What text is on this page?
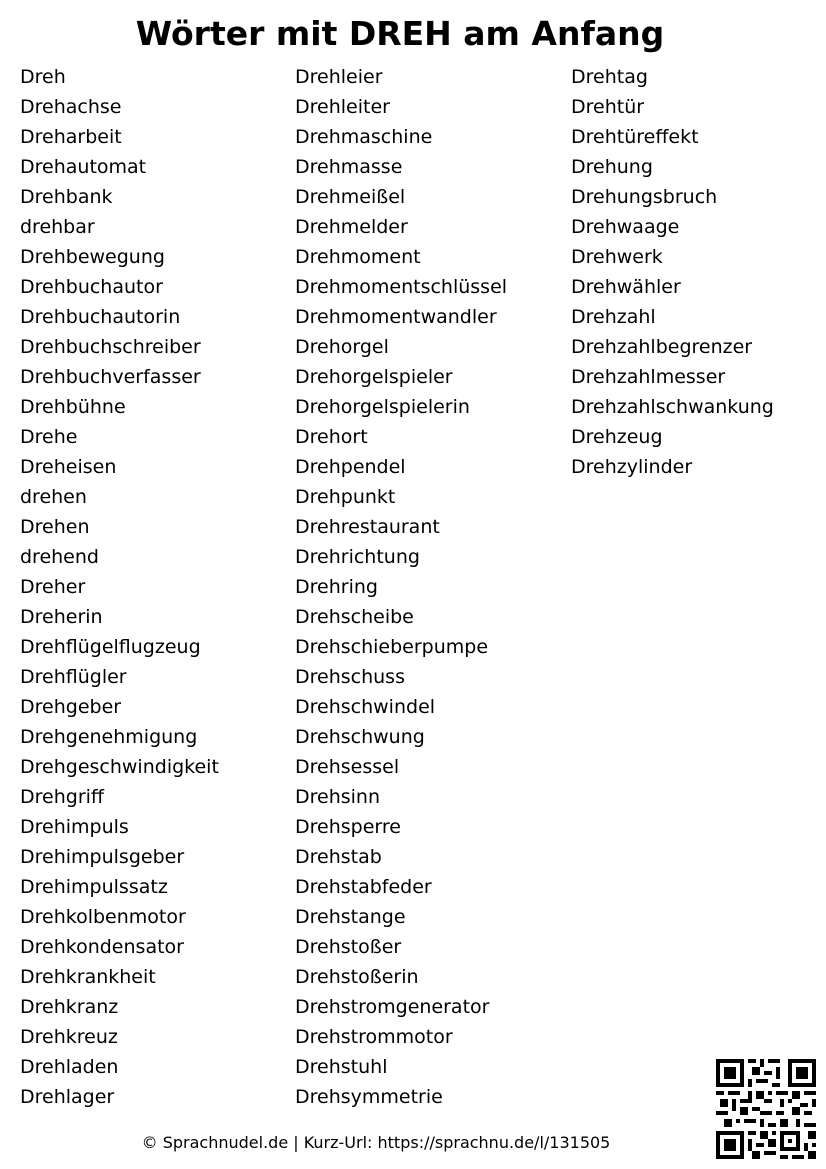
Wörter mit DREH am Anfang
Dreh
Drehachse
Dreharbeit
Drehautomat
Drehbank
drehbar
Drehbewegung
Drehbuchautor
Drehbuchautorin
Drehbuchschreiber
Drehbuchverfasser
Drehbühne
Drehe
Dreheisen
drehen
Drehen
drehend
Dreher
Dreherin
Drehflügelflugzeug
Drehflügler
Drehgeber
Drehgenehmigung
Drehgeschwindigkeit
Drehgriff
Drehimpuls
Drehimpulsgeber
Drehimpulssatz
Drehkolbenmotor
Drehkondensator
Drehkrankheit
Drehkranz
Drehkreuz
Drehladen
Drehlager
Drehleier
Drehleiter
Drehmaschine
Drehmasse
Drehmeißel
Drehmelder
Drehmoment
Drehmomentschlüssel
Drehmomentwandler
Drehorgel
Drehorgelspieler
Drehorgelspielerin
Drehort
Drehpendel
Drehpunkt
Drehrestaurant
Drehrichtung
Drehring
Drehscheibe
Drehschieberpumpe
Drehschuss
Drehschwindel
Drehschwung
Drehsessel
Drehsinn
Drehsperre
Drehstab
Drehstabfeder
Drehstange
Drehstoßer
Drehstoßerin
Drehstromgenerator
Drehstrommotor
Drehstuhl
Drehsymmetrie
Drehtag
Drehtür
Drehtüreffekt
Drehung
Drehungsbruch
Drehwaage
Drehwerk
Drehwähler
Drehzahl
Drehzahlbegrenzer
Drehzahlmesser
Drehzahlschwankung
Drehzeug
Drehzylinder
© Sprachnudel.de | Kurz-Url: https://sprachnu.de/l/131505
